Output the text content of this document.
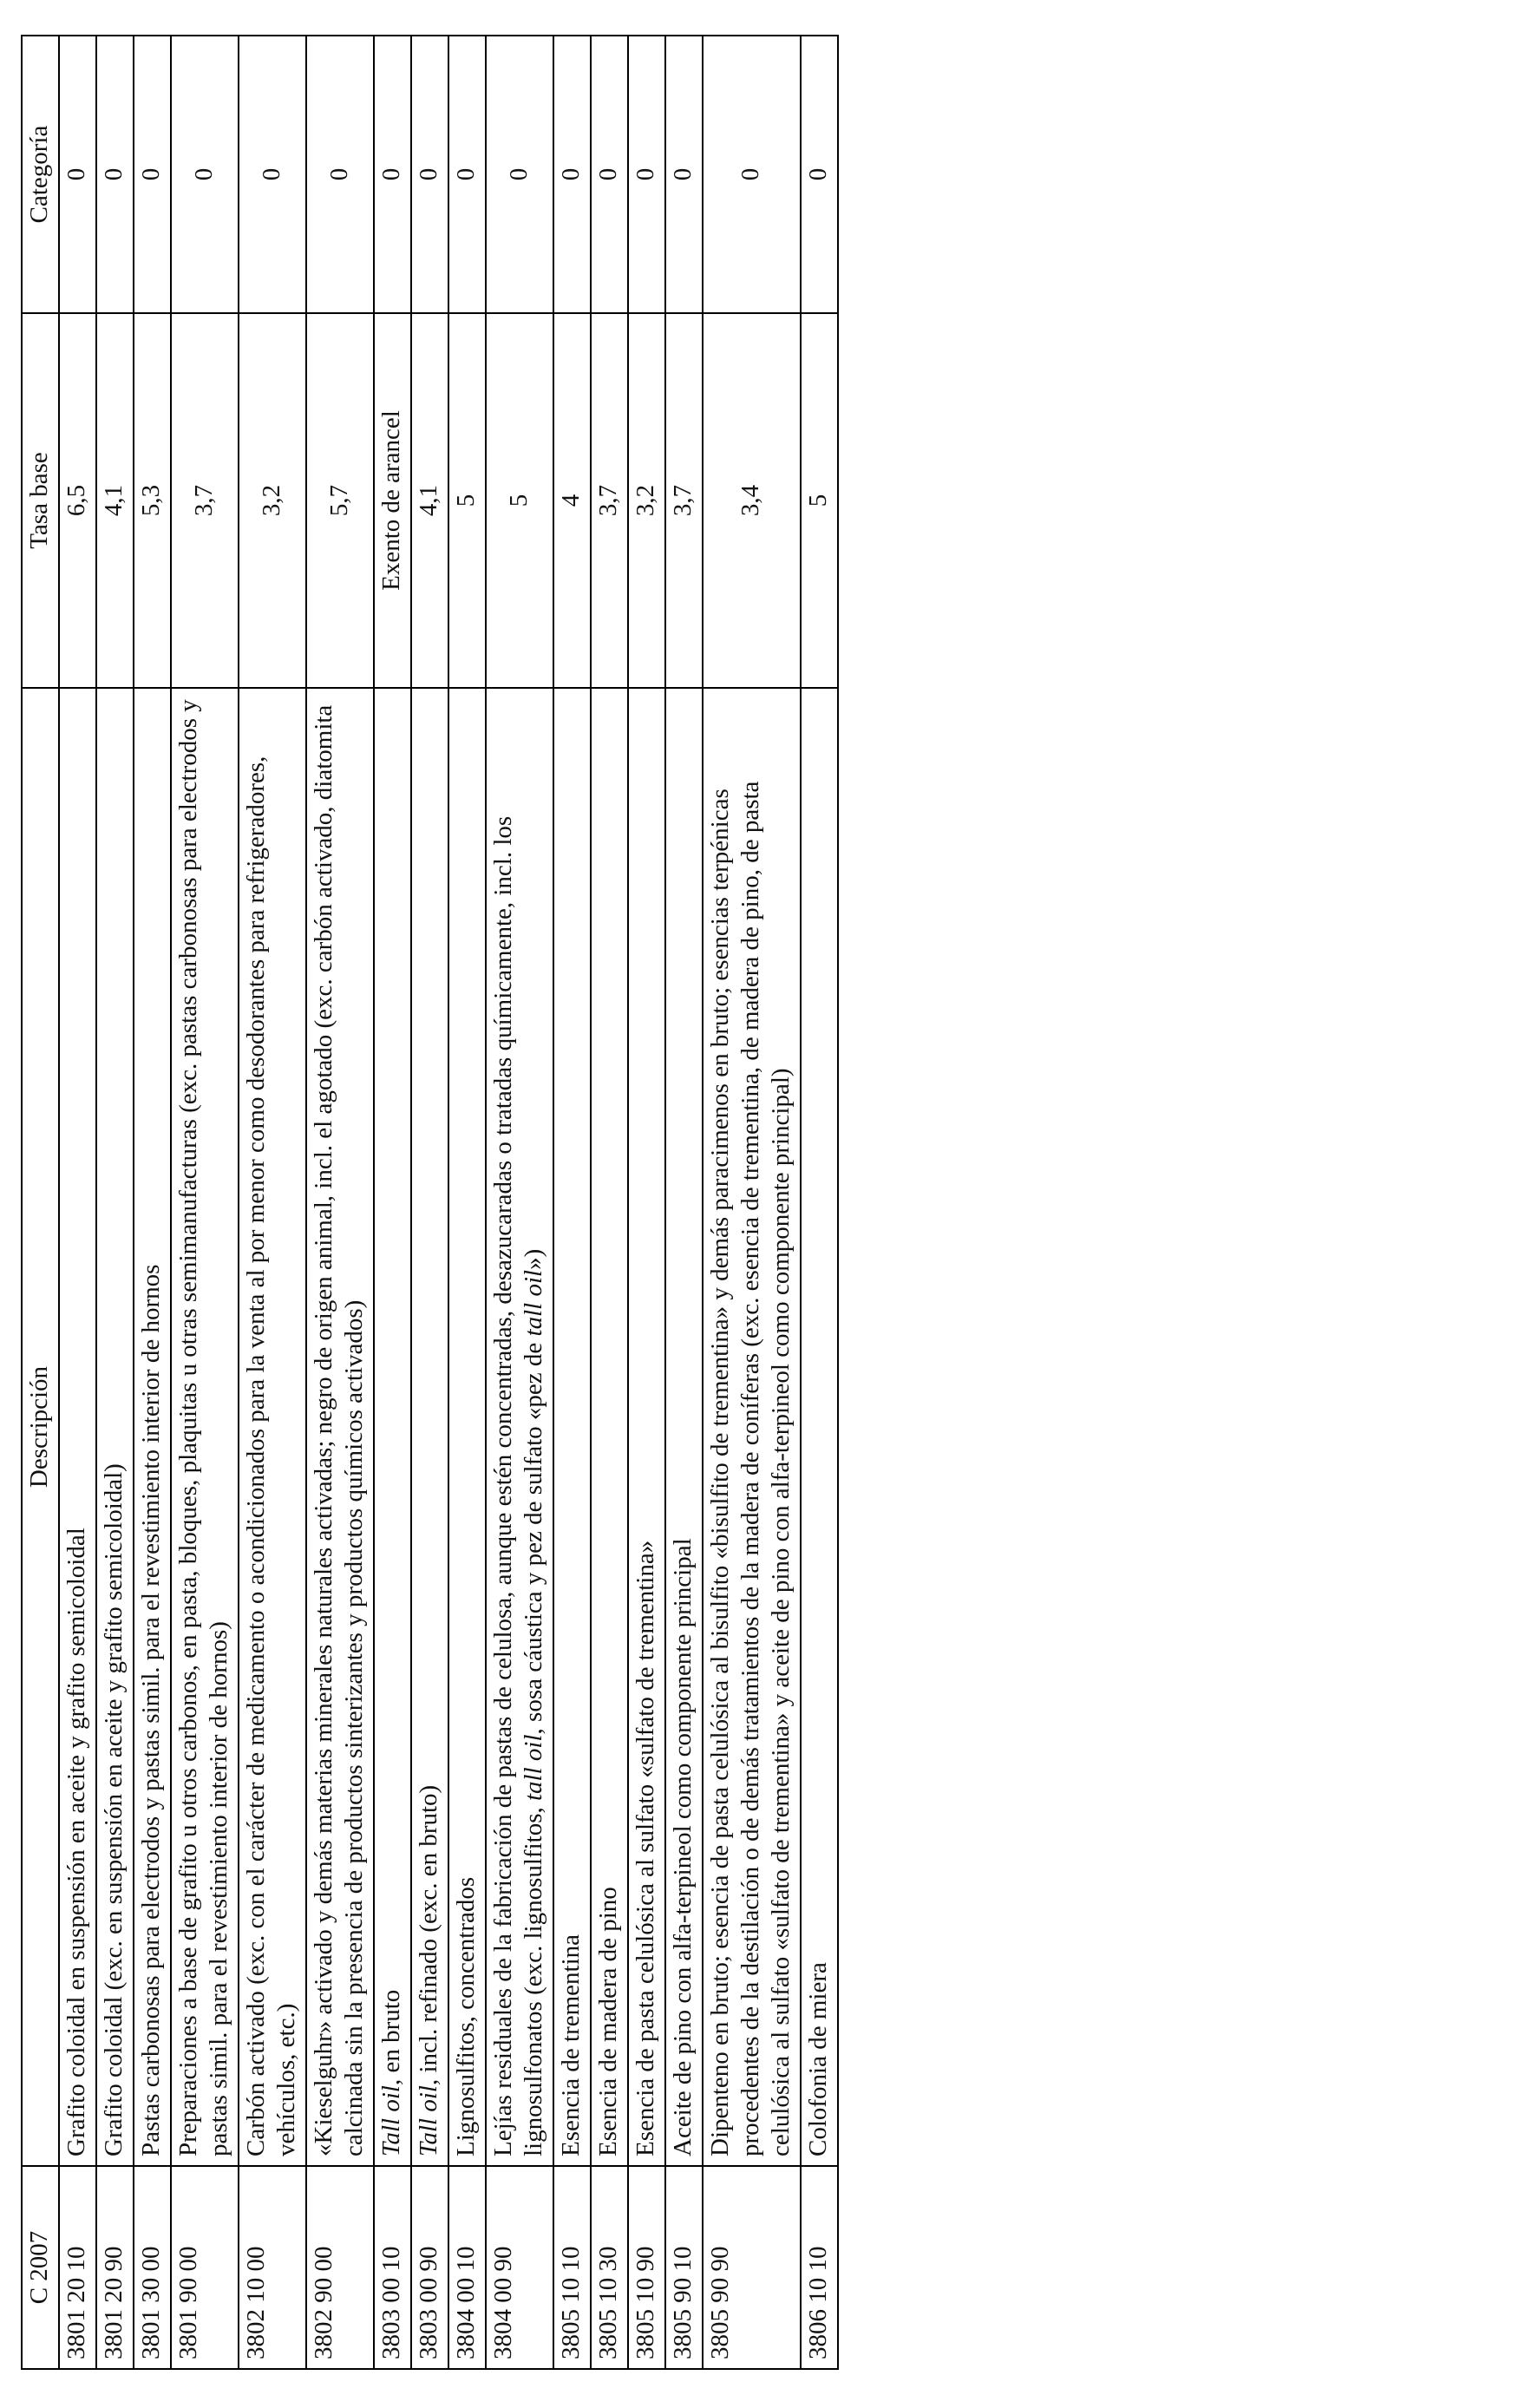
C 2007	Descripción	Tasa base	Categoría
3801 20 10	Grafito coloidal en suspensión en aceite y grafito semicoloidal	6,5	0
3801 20 90	Grafito coloidal (exc. en suspensión en aceite y grafito semicoloidal)	4,1	0
3801 30 00	Pastas carbonosas para electrodos y pastas simil. para el revestimiento interior de hornos	5,3	0
3801 90 00	Preparaciones a base de grafito u otros carbonos, en pasta, bloques, plaquitas u otras semimanufacturas (exc. pastas carbonosas para electrodos y pastas simil. para el revestimiento interior de hornos)	3,7	0
3802 10 00	Carbón activado (exc. con el carácter de medicamento o acondicionados para la venta al por menor como desodorantes para refrigeradores, vehículos, etc.)	3,2	0
3802 90 00	«Kieselguhr» activado y demás materias minerales naturales activadas; negro de origen animal, incl. el agotado (exc. carbón activado, diatomita calcinada sin la presencia de productos sinterizantes y productos químicos activados)	5,7	0
3803 00 10	Tall oil, en bruto	Exento de arancel	0
3803 00 90	Tall oil, incl. refinado (exc. en bruto)	4,1	0
3804 00 10	Lignosulfitos, concentrados	5	0
3804 00 90	Lejías residuales de la fabricación de pastas de celulosa, aunque estén concentradas, desazucaradas o tratadas químicamente, incl. los lignosulfonatos (exc. lignosulfitos, tall oil, sosa cáustica y pez de sulfato «pez de tall oil»)	5	0
3805 10 10	Esencia de trementina	4	0
3805 10 30	Esencia de madera de pino	3,7	0
3805 10 90	Esencia de pasta celulósica al sulfato «sulfato de trementina»	3,2	0
3805 90 10	Aceite de pino con alfa-terpineol como componente principal	3,7	0
3805 90 90	Dipenteno en bruto; esencia de pasta celulósica al bisulfito «bisulfito de trementina» y demás paracimenos en bruto; esencias terpénicas procedentes de la destilación o de demás tratamientos de la madera de coníferas (exc. esencia de trementina, de madera de pino, de pasta celulósica al sulfato «sulfato de trementina» y aceite de pino con alfa-terpineol como componente principal)	3,4	0
3806 10 10	Colofonia de miera	5	0
